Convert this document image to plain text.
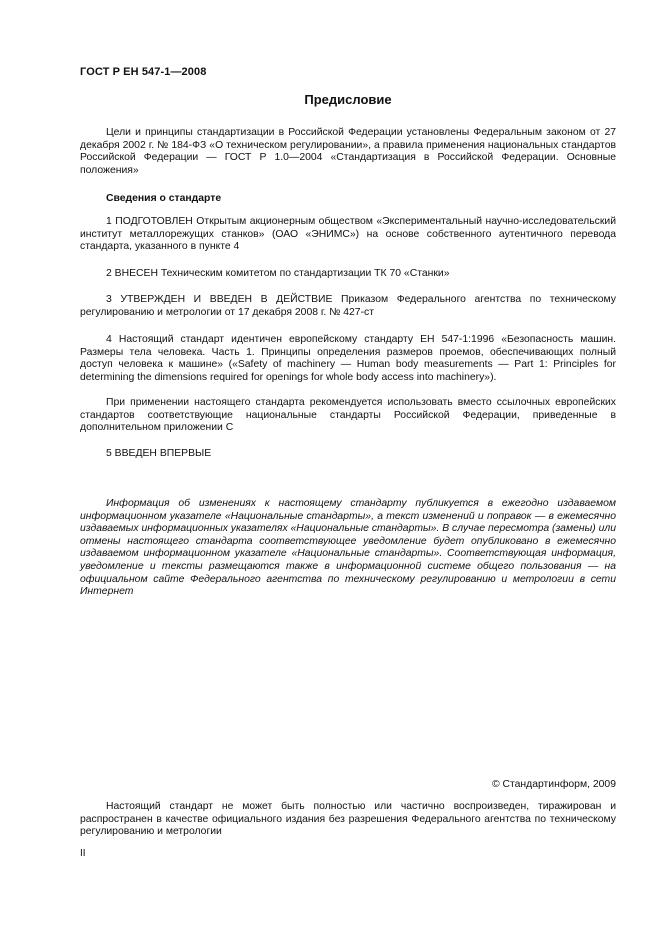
ГОСТ Р ЕН 547-1—2008
Предисловие

Цели и принципы стандартизации в Российской Федерации установлены Федеральным законом от 27 декабря 2002 г. № 184-ФЗ «О техническом регулировании», а правила применения национальных стандартов Российской Федерации — ГОСТ Р 1.0—2004 «Стандартизация в Российской Федерации. Основные положения»

Сведения о стандарте

1 ПОДГОТОВЛЕН Открытым акционерным обществом «Экспериментальный научно-исследовательский институт металлорежущих станков» (ОАО «ЭНИМС») на основе собственного аутентичного перевода стандарта, указанного в пункте 4

2 ВНЕСЕН Техническим комитетом по стандартизации ТК 70 «Станки»

3 УТВЕРЖДЕН И ВВЕДЕН В ДЕЙСТВИЕ Приказом Федерального агентства по техническому регулированию и метрологии от 17 декабря 2008 г. № 427-ст

4 Настоящий стандарт идентичен европейскому стандарту ЕН 547-1:1996 «Безопасность машин. Размеры тела человека. Часть 1. Принципы определения размеров проемов, обеспечивающих полный доступ человека к машине» («Safety of machinery — Human body measurements — Part 1: Principles for determining the dimensions required for openings for whole body access into machinery»).

При применении настоящего стандарта рекомендуется использовать вместо ссылочных европейских стандартов соответствующие национальные стандарты Российской Федерации, приведенные в дополнительном приложении С

5 ВВЕДЕН ВПЕРВЫЕ

Информация об изменениях к настоящему стандарту публикуется в ежегодно издаваемом информационном указателе «Национальные стандарты», а текст изменений и поправок — в ежемесячно издаваемых информационных указателях «Национальные стандарты». В случае пересмотра (замены) или отмены настоящего стандарта соответствующее уведомление будет опубликовано в ежемесячно издаваемом информационном указателе «Национальные стандарты». Соответствующая информация, уведомление и тексты размещаются также в информационной системе общего пользования — на официальном сайте Федерального агентства по техническому регулированию и метрологии в сети Интернет

© Стандартинформ, 2009

Настоящий стандарт не может быть полностью или частично воспроизведен, тиражирован и распространен в качестве официального издания без разрешения Федерального агентства по техническому регулированию и метрологии

II
